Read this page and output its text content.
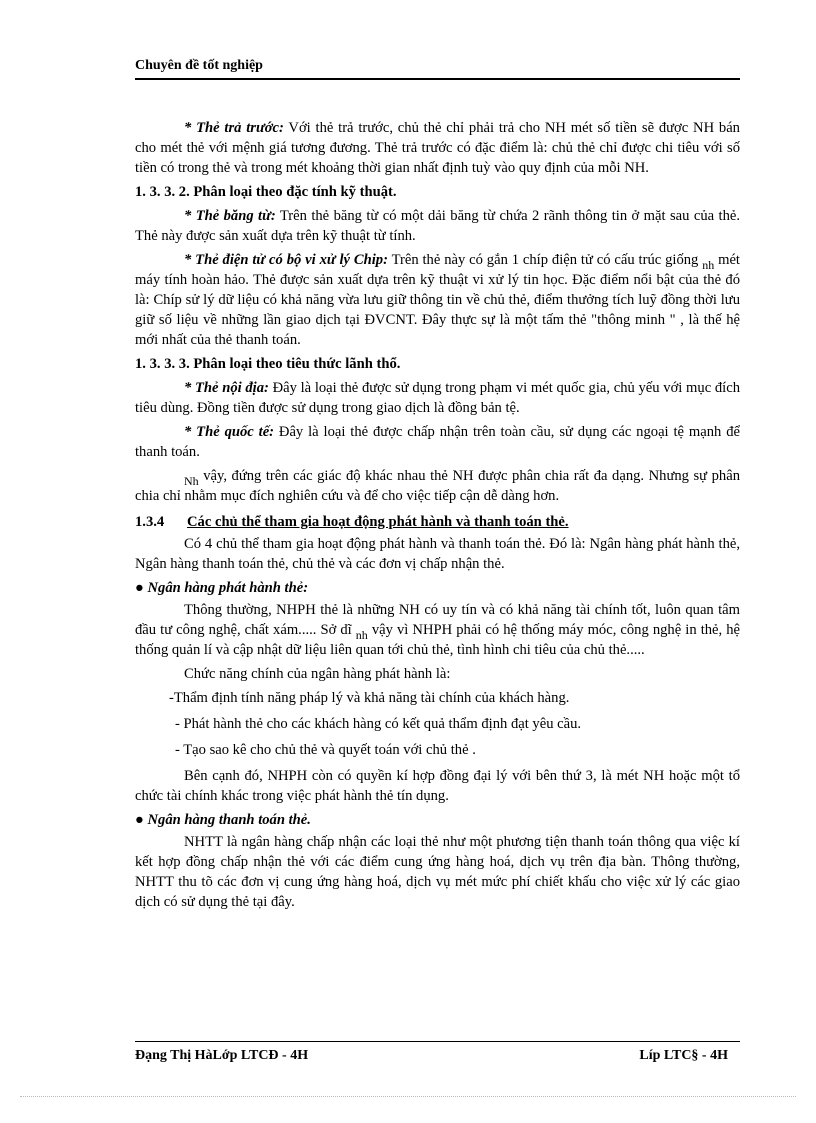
Chuyên đề tốt nghiệp

* Thẻ trả trước: Với thẻ trả trước, chủ thẻ chỉ phải trả cho NH mét số tiền sẽ được NH bán cho mét thẻ với mệnh giá tương đương. Thẻ trả trước có đặc điểm là: chủ thẻ chỉ được chi tiêu với số tiền có trong thẻ và trong mét khoảng thời gian nhất định tuỳ vào quy định của mỗi NH.

1. 3. 3. 2. Phân loại theo đặc tính kỹ thuật.

* Thẻ băng từ: Trên thẻ băng từ có một dải băng từ chứa 2 rãnh thông tin ở mặt sau của thẻ. Thẻ này được sản xuất dựa trên kỹ thuật từ tính.

* Thẻ điện tử có bộ vi xử lý Chip: Trên thẻ này có gắn 1 chíp điện tử có cấu trúc giống $_{nh}$ mét máy tính hoàn hảo. Thẻ được sản xuất dựa trên kỹ thuật vi xử lý tin học. Đặc điểm nổi bật của thẻ đó là: Chíp sử lý dữ liệu có khả năng vừa lưu giữ thông tin về chủ thẻ, điểm thưởng tích luỹ đồng thời lưu giữ số liệu về những lần giao dịch tại ĐVCNT. Đây thực sự là một tấm thẻ "thông minh " , là thế hệ mới nhất của thẻ thanh toán.

1. 3. 3. 3. Phân loại theo tiêu thức lãnh thổ.

* Thẻ nội địa: Đây là loại thẻ được sử dụng trong phạm vi mét quốc gia, chủ yếu với mục đích tiêu dùng. Đồng tiền được sử dụng trong giao dịch là đồng bản tệ.

* Thẻ quốc tế: Đây là loại thẻ được chấp nhận trên toàn cầu, sử dụng các ngoại tệ mạnh để thanh toán.

$_{Nh}$ vậy, đứng trên các giác độ khác nhau thẻ NH được phân chia rất đa dạng. Nhưng sự phân chia chỉ nhằm mục đích nghiên cứu và để cho việc tiếp cận dễ dàng hơn.

1.3.4 Các chủ thể tham gia hoạt động phát hành và thanh toán thẻ.

Có 4 chủ thể tham gia hoạt động phát hành và thanh toán thẻ. Đó là: Ngân hàng phát hành thẻ, Ngân hàng thanh toán thẻ, chủ thẻ và các đơn vị chấp nhận thẻ.

● Ngân hàng phát hành thẻ:

Thông thường, NHPH thẻ là những NH có uy tín và có khả năng tài chính tốt, luôn quan tâm đầu tư công nghệ, chất xám..... Sở dĩ $_{nh}$ vậy vì NHPH phải có hệ thống máy móc, công nghệ in thẻ, hệ thống quản lí và cập nhật dữ liệu liên quan tới chủ thẻ, tình hình chi tiêu của chủ thẻ.....

Chức năng chính của ngân hàng phát hành là:

-Thẩm định tính năng pháp lý và khả năng tài chính của khách hàng.
- Phát hành thẻ cho các khách hàng có kết quả thẩm định đạt yêu cầu.
- Tạo sao kê cho chủ thẻ và quyết toán với chủ thẻ .

Bên cạnh đó, NHPH còn có quyền kí hợp đồng đại lý với bên thứ 3, là mét NH hoặc một tổ chức tài chính khác trong việc phát hành thẻ tín dụng.

● Ngân hàng thanh toán thẻ.

NHTT là ngân hàng chấp nhận các loại thẻ như một phương tiện thanh toán thông qua việc kí kết hợp đồng chấp nhận thẻ với các điểm cung ứng hàng hoá, dịch vụ trên địa bàn. Thông thường, NHTT thu tõ các đơn vị cung ứng hàng hoá, dịch vụ mét mức phí chiết khấu cho việc xử lý các giao dịch có sử dụng thẻ tại đây.

Đạng Thị HàLớp LTCĐ - 4H	Líp LTC§ - 4H
